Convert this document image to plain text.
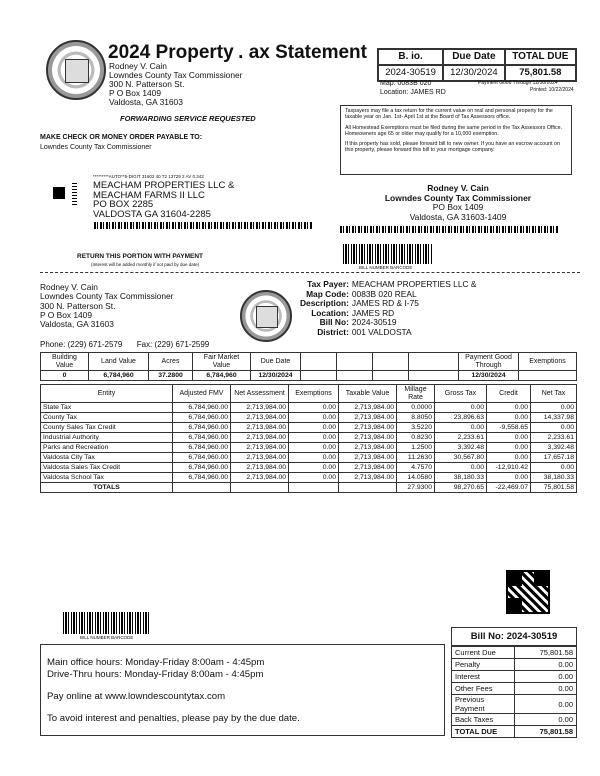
2024 Property . ax Statement
Rodney V. Cain
Lowndes County Tax Commissioner
300 N. Patterson St.
P O Box 1409
Valdosta, GA 31603
FORWARDING SERVICE REQUESTED
MAKE CHECK OR MONEY ORDER PAYABLE TO:
Lowndes County Tax Commissioner
B. io.	Due Date	TOTAL DUE
2024-30519	12/30/2024	75,801.58
Map: 0083B 020
Location: JAMES RD
Payment Good Through 12/30/2024
Printed: 10/22/2024
Taxpayers may file a tax return for the current value on real and personal property for the taxable year on Jan. 1st- April 1st at the Board of Tax Assessors office.
All Homestead Exemptions must be filed during the same period in the Tax Assessors Office. Homeowners age 65 or older may qualify for a 10,000 exemption.
If this property has sold, please forward bill to new owner. If you have an escrow account on this property, please forward this bill to your mortgage company.
*********AUTO**5-DIGIT 31602 40 T2 13729 2 AV 0.343
MEACHAM PROPERTIES LLC &
MEACHAM FARMS II LLC
PO BOX 2285
VALDOSTA GA 31604-2285
Rodney V. Cain
Lowndes County Tax Commissioner
PO Box 1409
Valdosta, GA 31603-1409
RETURN THIS PORTION WITH PAYMENT
(Interest will be added monthly if not paid by due date)
BILL NUMBER BARCODE
Rodney V. Cain
Lowndes County Tax Commissioner
300 N. Patterson St.
P O Box 1409
Valdosta, GA 31603
Tax Payer:	MEACHAM PROPERTIES LLC &
Map Code:	0083B 020 REAL
Description:	JAMES RD & I-75
Location:	JAMES RD
Bill No:	2024-30519
District:	001 VALDOSTA
Phone: (229) 671-2579 Fax: (229) 671-2599
Building Value	Land Value	Acres	Fair Market Value	Due Date					Payment Good Through	Exemptions
0	6,784,960	37.2800	6,784,960	12/30/2024					12/30/2024	
Entity	Adjusted FMV	Net Assessment	Exemptions	Taxable Value	Millage Rate	Gross Tax	Credit	Net Tax
State Tax	6,784,960.00	2,713,984.00	0.00	2,713,984.00	0.0000	0.00	0.00	0.00
County Tax	6,784,960.00	2,713,984.00	0.00	2,713,984.00	8.8050	23,896.63	0.00	14,337.98
County Sales Tax Credit	6,784,960.00	2,713,984.00	0.00	2,713,984.00	3.5220	0.00	-9,558.65	0.00
Industrial Authority	6,784,960.00	2,713,984.00	0.00	2,713,984.00	0.8230	2,233.61	0.00	2,233.61
Parks and Recreation	6,784,960.00	2,713,984.00	0.00	2,713,984.00	1.2500	3,392.48	0.00	3,392.48
Valdosta City Tax	6,784,960.00	2,713,984.00	0.00	2,713,984.00	11.2630	30,567.80	0.00	17,657.18
Valdosta Sales Tax Credit	6,784,960.00	2,713,984.00	0.00	2,713,984.00	4.7570	0.00	-12,910.42	0.00
Valdosta School Tax	6,784,960.00	2,713,984.00	0.00	2,713,984.00	14.0580	38,180.33	0.00	38,180.33
TOTALS					27.9300	98,270.65	-22,469.07	75,801.58
BILL NUMBER BARCODE
Main office hours: Monday-Friday 8:00am - 4:45pm
Drive-Thru hours: Monday-Friday 8:00am - 4:45pm
Pay online at www.lowndescountytax.com
To avoid interest and penalties, please pay by the due date.
Bill No: 2024-30519
Current Due	75,801.58
Penalty	0.00
Interest	0.00
Other Fees	0.00
Previous Payment	0.00
Back Taxes	0.00
TOTAL DUE	75,801.58
